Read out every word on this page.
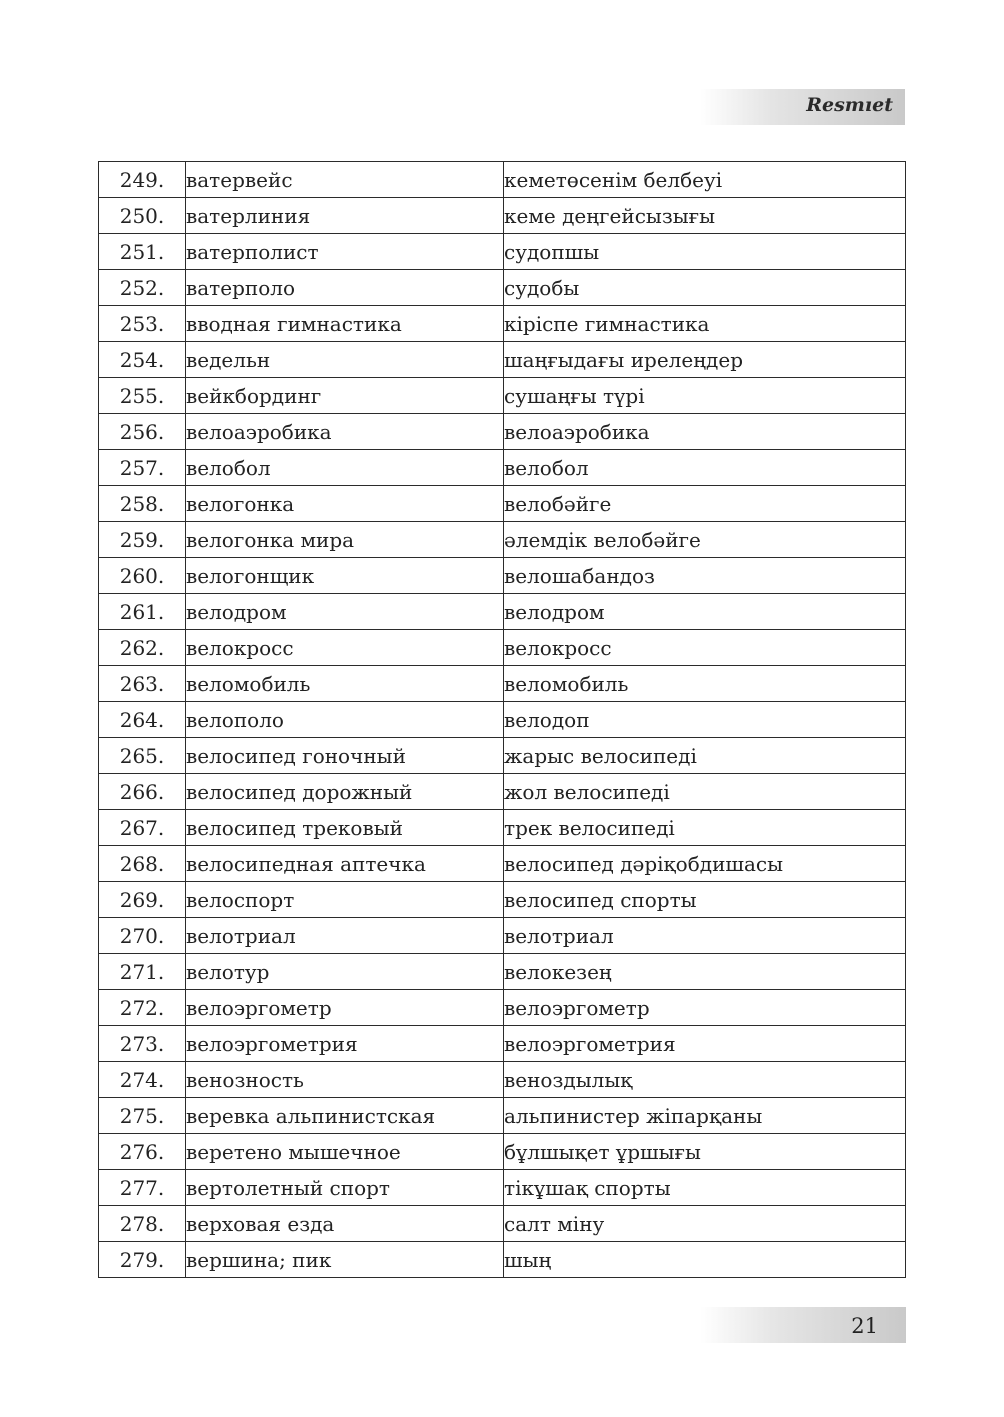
Resmıet
249.	ватервейс	кеметөсенім белбеуі
250.	ватерлиния	кеме деңгейсызығы
251.	ватерполист	судопшы
252.	ватерполо	судобы
253.	вводная гимнастика	кіріспе гимнастика
254.	ведельн	шаңғыдағы ирелеңдер
255.	вейкбординг	сушаңғы түрі
256.	велоаэробика	велоаэробика
257.	велобол	велобол
258.	велогонка	велобәйге
259.	велогонка мира	әлемдік велобәйге
260.	велогонщик	велошабандоз
261.	велодром	велодром
262.	велокросс	велокросс
263.	веломобиль	веломобиль
264.	велополо	велодоп
265.	велосипед гоночный	жарыс велосипеді
266.	велосипед дорожный	жол велосипеді
267.	велосипед трековый	трек велосипеді
268.	велосипедная аптечка	велосипед дәріқобдишасы
269.	велоспорт	велосипед спорты
270.	велотриал	велотриал
271.	велотур	велокезең
272.	велоэргометр	велоэргометр
273.	велоэргометрия	велоэргометрия
274.	венозность	веноздылық
275.	веревка альпинистская	альпинистер жіпарқаны
276.	веретено мышечное	бұлшықет ұршығы
277.	вертолетный спорт	тікұшақ спорты
278.	верховая езда	салт міну
279.	вершина; пик	шың
21
